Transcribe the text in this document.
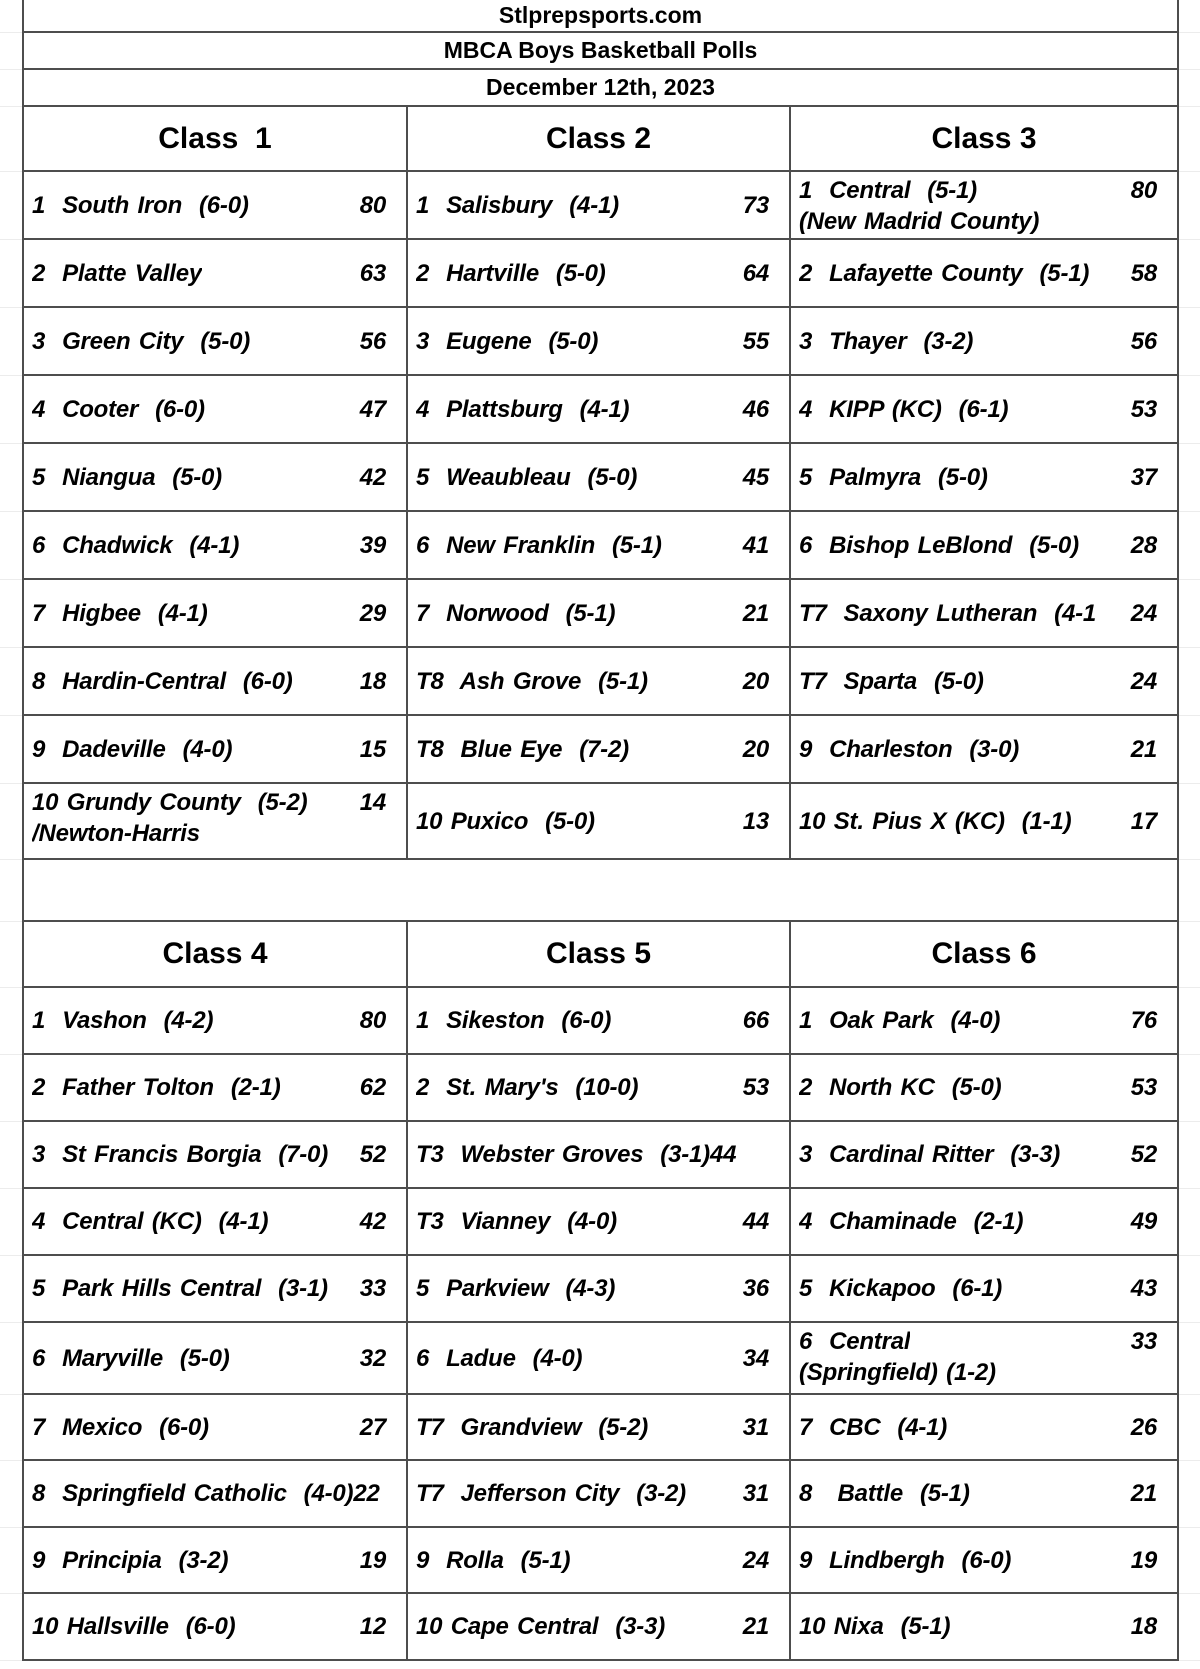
Stlprepsports.com
MBCA Boys Basketball Polls
December 12th, 2023
Class  1
1  South Iron  (6-0)	80
2  Platte Valley	63
3  Green City  (5-0)	56
4  Cooter  (6-0)	47
5  Niangua  (5-0)	42
6  Chadwick  (4-1)	39
7  Higbee  (4-1)	29
8  Hardin-Central  (6-0)	18
9  Dadeville  (4-0)	15
10 Grundy County  (5-2) 14
/Newton-Harris
Class 2
1  Salisbury  (4-1)	73
2  Hartville  (5-0)	64
3  Eugene  (5-0)	55
4  Plattsburg  (4-1)	46
5  Weaubleau  (5-0)	45
6  New Franklin  (5-1)	41
7  Norwood  (5-1)	21
T8  Ash Grove  (5-1)	20
T8  Blue Eye  (7-2)	20
10 Puxico  (5-0)	13
Class 3
1  Central  (5-1)	80
(New Madrid County)
2  Lafayette County  (5-1) 58
3  Thayer  (3-2)	56
4  KIPP (KC)  (6-1)	53
5  Palmyra  (5-0)	37
6  Bishop LeBlond  (5-0) 28
T7  Saxony Lutheran  (4-1 24
T7  Sparta  (5-0)	24
9  Charleston  (3-0)	21
10 St. Pius X (KC)  (1-1) 17
Class 4
1  Vashon  (4-2)	80
2  Father Tolton  (2-1)	62
3  St Francis Borgia  (7-0) 52
4  Central (KC)  (4-1)	42
5  Park Hills Central  (3-1) 33
6  Maryville  (5-0)	32
7  Mexico  (6-0)	27
8  Springfield Catholic  (4-0) 22
9  Principia  (3-2)	19
10 Hallsville  (6-0)	12
Class 5
1  Sikeston  (6-0)	66
2  St. Mary's  (10-0)	53
T3  Webster Groves  (3-1) 44
T3  Vianney  (4-0)	44
5  Parkview  (4-3)	36
6  Ladue  (4-0)	34
T7  Grandview  (5-2)	31
T7  Jefferson City  (3-2) 31
9  Rolla  (5-1)	24
10 Cape Central  (3-3)	21
Class 6
1  Oak Park  (4-0)	76
2  North KC  (5-0)	53
3  Cardinal Ritter  (3-3)	52
4  Chaminade  (2-1)	49
5  Kickapoo  (6-1)	43
6  Central	33
(Springfield) (1-2)
7  CBC  (4-1)	26
8   Battle  (5-1)	21
9  Lindbergh  (6-0)	19
10 Nixa  (5-1)	18
